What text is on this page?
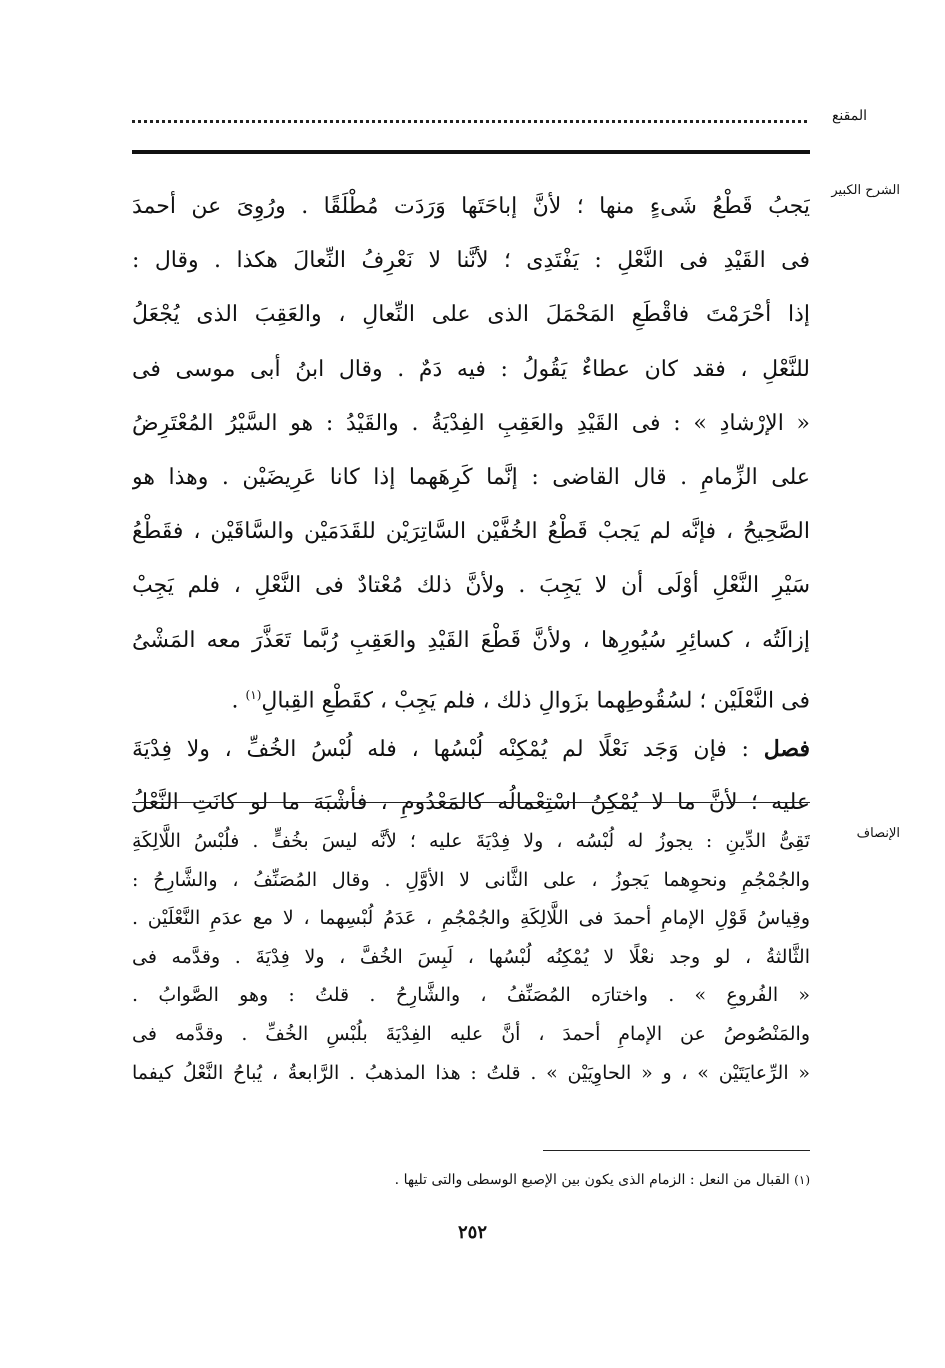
المقنع
الشرح الكبير
يَجبُ قَطْعُ شَىءٍ منها ؛ لأنَّ إباحَتَها وَرَدَت مُطْلَقًا . ورُوِىَ عن أحمدَ
فى القَيْدِ فى النَّعْلِ : يَفْتَدِى ؛ لأنَّنا لا نَعْرِفُ النِّعالَ هكذا . وقال :
إذا أحْرَمْتَ فاقْطَعِ المَحْمَلَ الذى على النِّعالِ ، والعَقِبَ الذى يُجْعَلُ
للنَّعْلِ ، فقد كان عطاءٌ يَقُولُ : فيه دَمٌ . وقال ابنُ أبى موسى فى
« الإرْشادِ » : فى القَيْدِ والعَقِبِ الفِدْيَةُ . والقَيْدُ : هو السَّيْرُ المُعْتَرِضُ
على الزِّمامِ . قال القاضى : إنَّما كَرِهَهما إذا كانا عَرِيضَيْن . وهذا هو
الصَّحِيحُ ، فإنَّه لم يَجبْ قَطْعُ الخُفَّيْن السَّاتِرَيْن للقَدَمَيْن والسَّاقَيْن ، فقَطْعُ
سَيْرِ النَّعْلِ أوْلَى أن لا يَجِبَ . ولأنَّ ذلك مُعْتادٌ فى النَّعْلِ ، فلم يَجِبْ
إزالَتُه ، كسائِرِ سُيُورِها ، ولأنَّ قَطْعَ القَيْدِ والعَقِبِ رُبَّما تَعَذَّرَ معه المَشْىُ
فى النَّعْلَيْن ؛ لسُقُوطِهما بزَوالِ ذلك ، فلم يَجِبْ ، كقَطْعِ القِبالِ$^{(١)}$ .
فصل : فإن وَجَد نَعْلًا لم يُمْكِنْه لُبْسُها ، فله لُبْسُ الخُفِّ ، ولا فِدْيَةَ
عليه ؛ لأنَّ ما لا يُمْكِنُ اسْتِعْمالُه كالمَعْدُومِ ، فأشْبَهَ ما لو كانَتِ النَّعْلُ
الإنصاف
تَقِىُّ الدِّينِ : يجوزُ له لُبْسُه ، ولا فِدْيَةَ عليه ؛ لأنَّه ليسَ بخُفٍّ . فلُبْسُ اللَّالِكَةِ
والجُمْجُمِ ونحوِهما يَجوزُ ، على الثَّانى لا الأوَّلِ . وقال المُصَنِّفُ ، والشَّارِحُ :
وقِياسُ قَوْلِ الإمامِ أحمدَ فى اللَّالِكَةِ والجُمْجُمِ ، عَدَمُ لُبْسِهما ، لا مع عدَمِ النَّعْلَيْن .
الثَّالثةُ ، لو وجد نعْلًا لا يُمْكِنُه لُبْسُها ، لَبِسَ الخُفَّ ، ولا فِدْيَةَ . وقدَّمه فى
« الفُروعِ » . واختارَه المُصَنِّفُ ، والشَّارِحُ . قلتُ : وهو الصَّوابُ .
والمَنْصُوصُ عن الإمامِ أحمدَ ، أنَّ عليه الفِدْيَةَ بلُبْسِ الخُفِّ . وقدَّمه فى
« الرِّعايَتَيْن » ، و « الحاوِيَيْن » . قلتُ : هذا المذهبُ . الرَّابعةُ ، يُباحُ النَّعْلُ كيفما
(١) القبال من النعل : الزمام الذى يكون بين الإصبع الوسطى والتى تليها .
٢٥٢
